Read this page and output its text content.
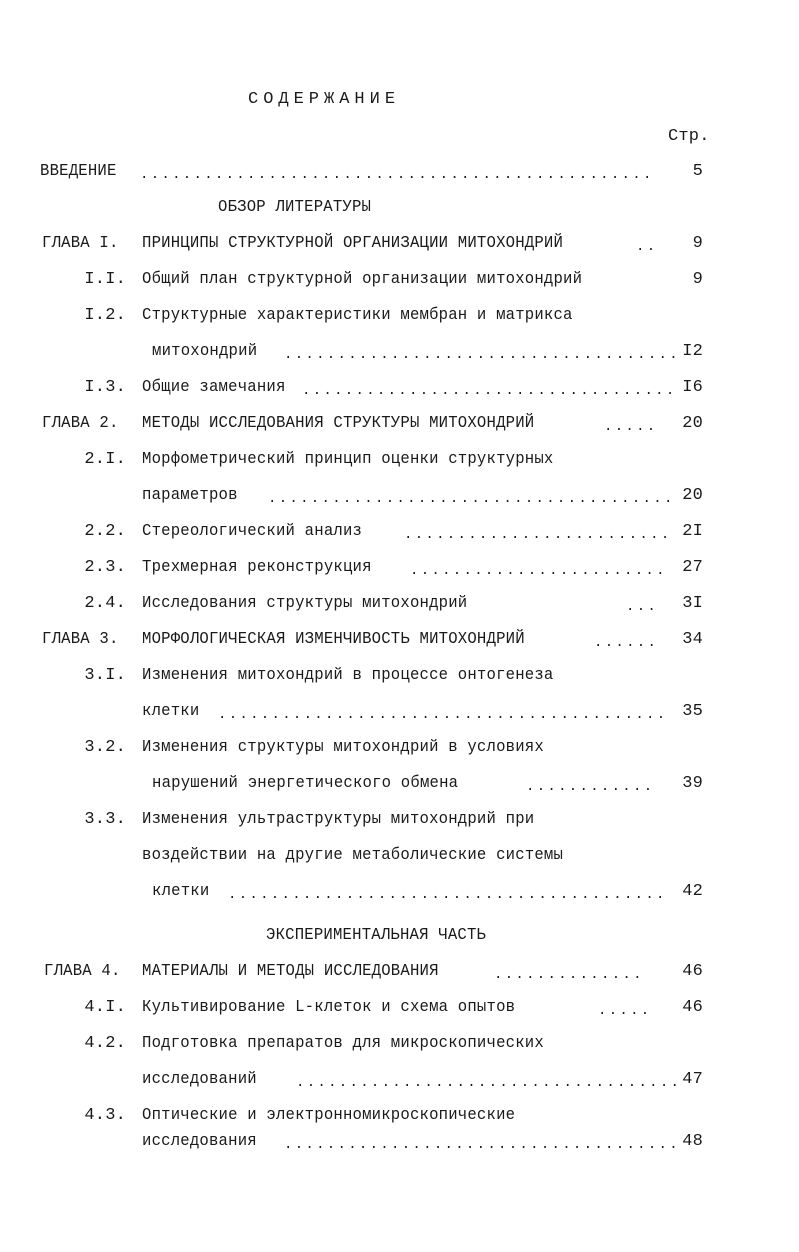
СОДЕРЖАНИЕ
Стр.
ВВЕДЕНИЕ ................................................	5
ОБЗОР ЛИТЕРАТУРЫ
ГЛАВА I. ПРИНЦИПЫ СТРУКТУРНОЙ ОРГАНИЗАЦИИ МИТОХОНДРИЙ	..	9
I.I. Общий план структурной организации митохондрий	9
I.2. Структурные характеристики мембран и матрикса
митохондрий ..................................... I2
I.3. Общие замечания ................................... I6
ГЛАВА 2. МЕТОДЫ ИССЛЕДОВАНИЯ СТРУКТУРЫ МИТОХОНДРИЙ	.....	20
2.I. Морфометрический принцип оценки структурных
параметров ...................................... 20
2.2. Стереологический анализ	......................... 2I
2.3. Трехмерная реконструкция	........................ 27
2.4. Исследования структуры митохондрий	...	3I
ГЛАВА 3. МОРФОЛОГИЧЕСКАЯ ИЗМЕНЧИВОСТЬ МИТОХОНДРИЙ	......	34
3.I. Изменения митохондрий в процессе онтогенеза
клетки .......................................... 35
3.2. Изменения структуры митохондрий в условиях
нарушений энергетического обмена	............	39
3.3. Изменения ультраструктуры митохондрий при
воздействии на другие метаболические системы
клетки ......................................... 42
ЭКСПЕРИМЕНТАЛЬНАЯ ЧАСТЬ
ГЛАВА 4. МАТЕРИАЛЫ И МЕТОДЫ ИССЛЕДОВАНИЯ	..............	46
4.I. Культивирование L-клеток и схема опытов	.....	46
4.2. Подготовка препаратов для микроскопических
исследований	.................................... 47
4.3. Оптические и электронномикроскопические
исследования ..................................... 48
